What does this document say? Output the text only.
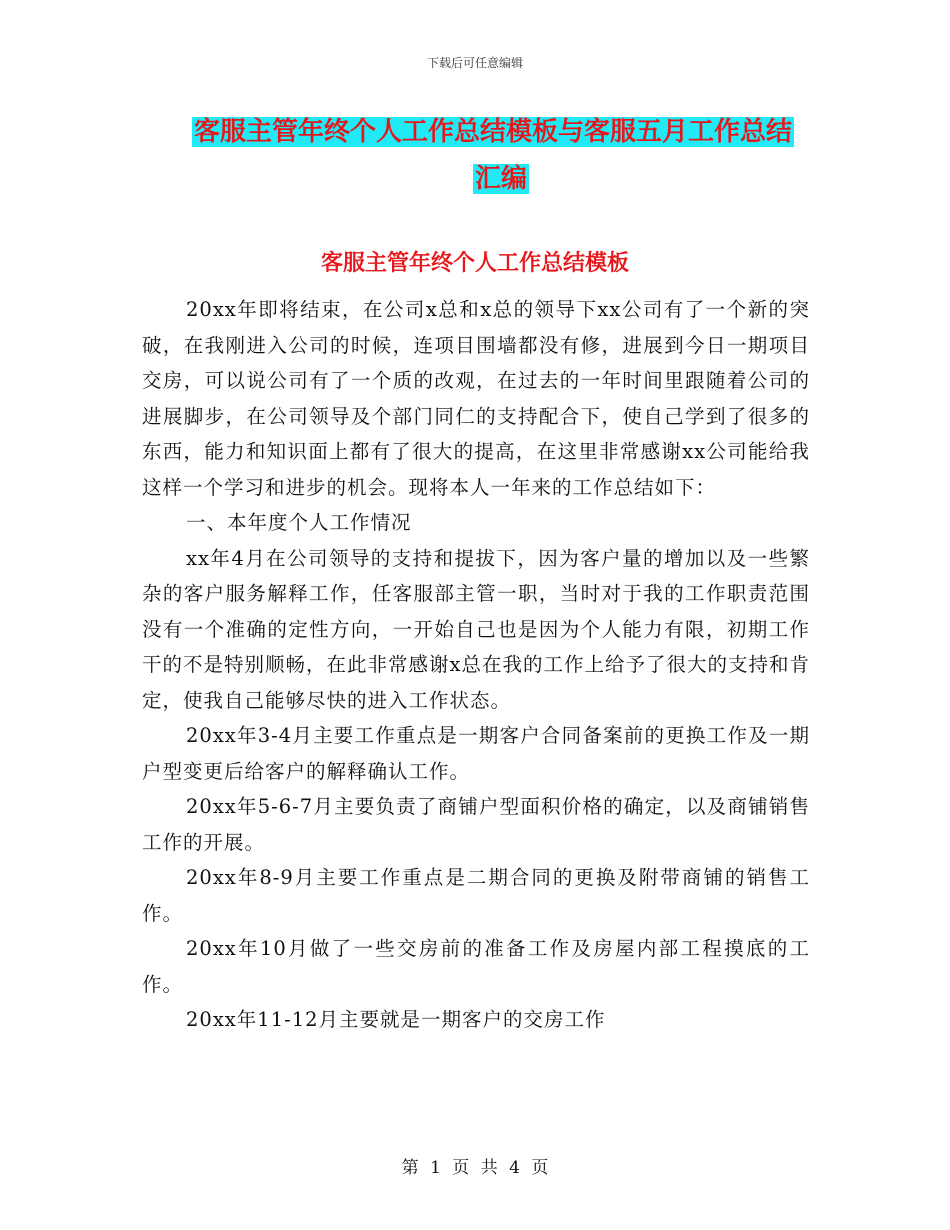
下载后可任意编辑
客服主管年终个人工作总结模板与客服五月工作总结
汇编
客服主管年终个人工作总结模板

20xx年即将结束，在公司x总和x总的领导下xx公司有了一个新的突破，在我刚进入公司的时候，连项目围墙都没有修，进展到今日一期项目交房，可以说公司有了一个质的改观，在过去的一年时间里跟随着公司的进展脚步，在公司领导及个部门同仁的支持配合下，使自己学到了很多的东西，能力和知识面上都有了很大的提高，在这里非常感谢xx公司能给我这样一个学习和进步的机会。现将本人一年来的工作总结如下：

一、本年度个人工作情况

xx年4月在公司领导的支持和提拔下，因为客户量的增加以及一些繁杂的客户服务解释工作，任客服部主管一职，当时对于我的工作职责范围没有一个准确的定性方向，一开始自己也是因为个人能力有限，初期工作干的不是特别顺畅，在此非常感谢x总在我的工作上给予了很大的支持和肯定，使我自己能够尽快的进入工作状态。

20xx年3-4月主要工作重点是一期客户合同备案前的更换工作及一期户型变更后给客户的解释确认工作。

20xx年5-6-7月主要负责了商铺户型面积价格的确定，以及商铺销售工作的开展。

20xx年8-9月主要工作重点是二期合同的更换及附带商铺的销售工作。

20xx年10月做了一些交房前的准备工作及房屋内部工程摸底的工作。

20xx年11-12月主要就是一期客户的交房工作

第 1 页 共 4 页
